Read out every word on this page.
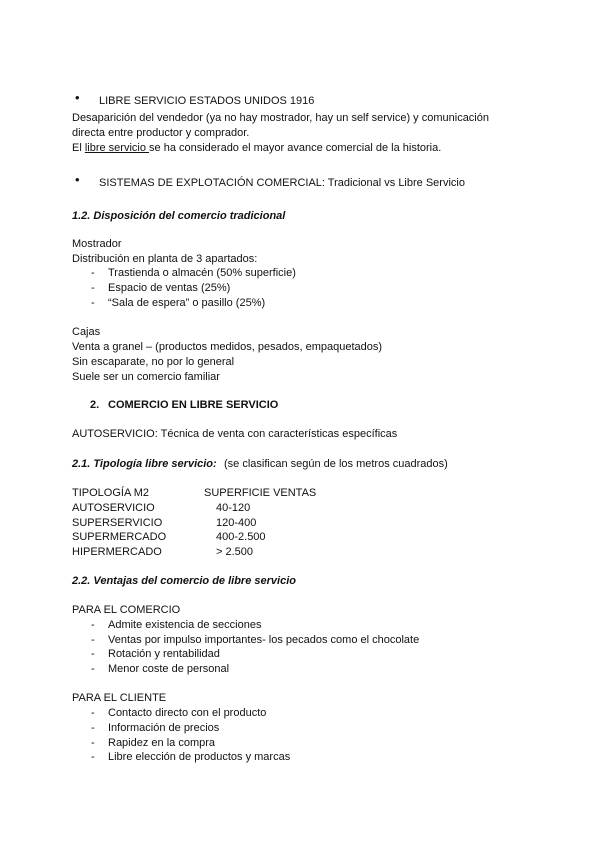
• LIBRE SERVICIO ESTADOS UNIDOS 1916
Desaparición del vendedor (ya no hay mostrador, hay un self service) y comunicación
directa entre productor y comprador.
El libre servicio se ha considerado el mayor avance comercial de la historia.
• SISTEMAS DE EXPLOTACIÓN COMERCIAL: Tradicional vs Libre Servicio
1.2. Disposición del comercio tradicional
Mostrador
Distribución en planta de 3 apartados:
- Trastienda o almacén (50% superficie)
- Espacio de ventas (25%)
- “Sala de espera” o pasillo (25%)
Cajas
Venta a granel – (productos medidos, pesados, empaquetados)
Sin escaparate, no por lo general
Suele ser un comercio familiar
2. COMERCIO EN LIBRE SERVICIO
AUTOSERVICIO: Técnica de venta con características específicas
2.1. Tipología libre servicio: (se clasifican según de los metros cuadrados)
TIPOLOGÍA M2	SUPERFICIE VENTAS
AUTOSERVICIO	40-120
SUPERSERVICIO	120-400
SUPERMERCADO	400-2.500
HIPERMERCADO	> 2.500
2.2. Ventajas del comercio de libre servicio
PARA EL COMERCIO
- Admite existencia de secciones
- Ventas por impulso importantes- los pecados como el chocolate
- Rotación y rentabilidad
- Menor coste de personal
PARA EL CLIENTE
- Contacto directo con el producto
- Información de precios
- Rapidez en la compra
- Libre elección de productos y marcas
